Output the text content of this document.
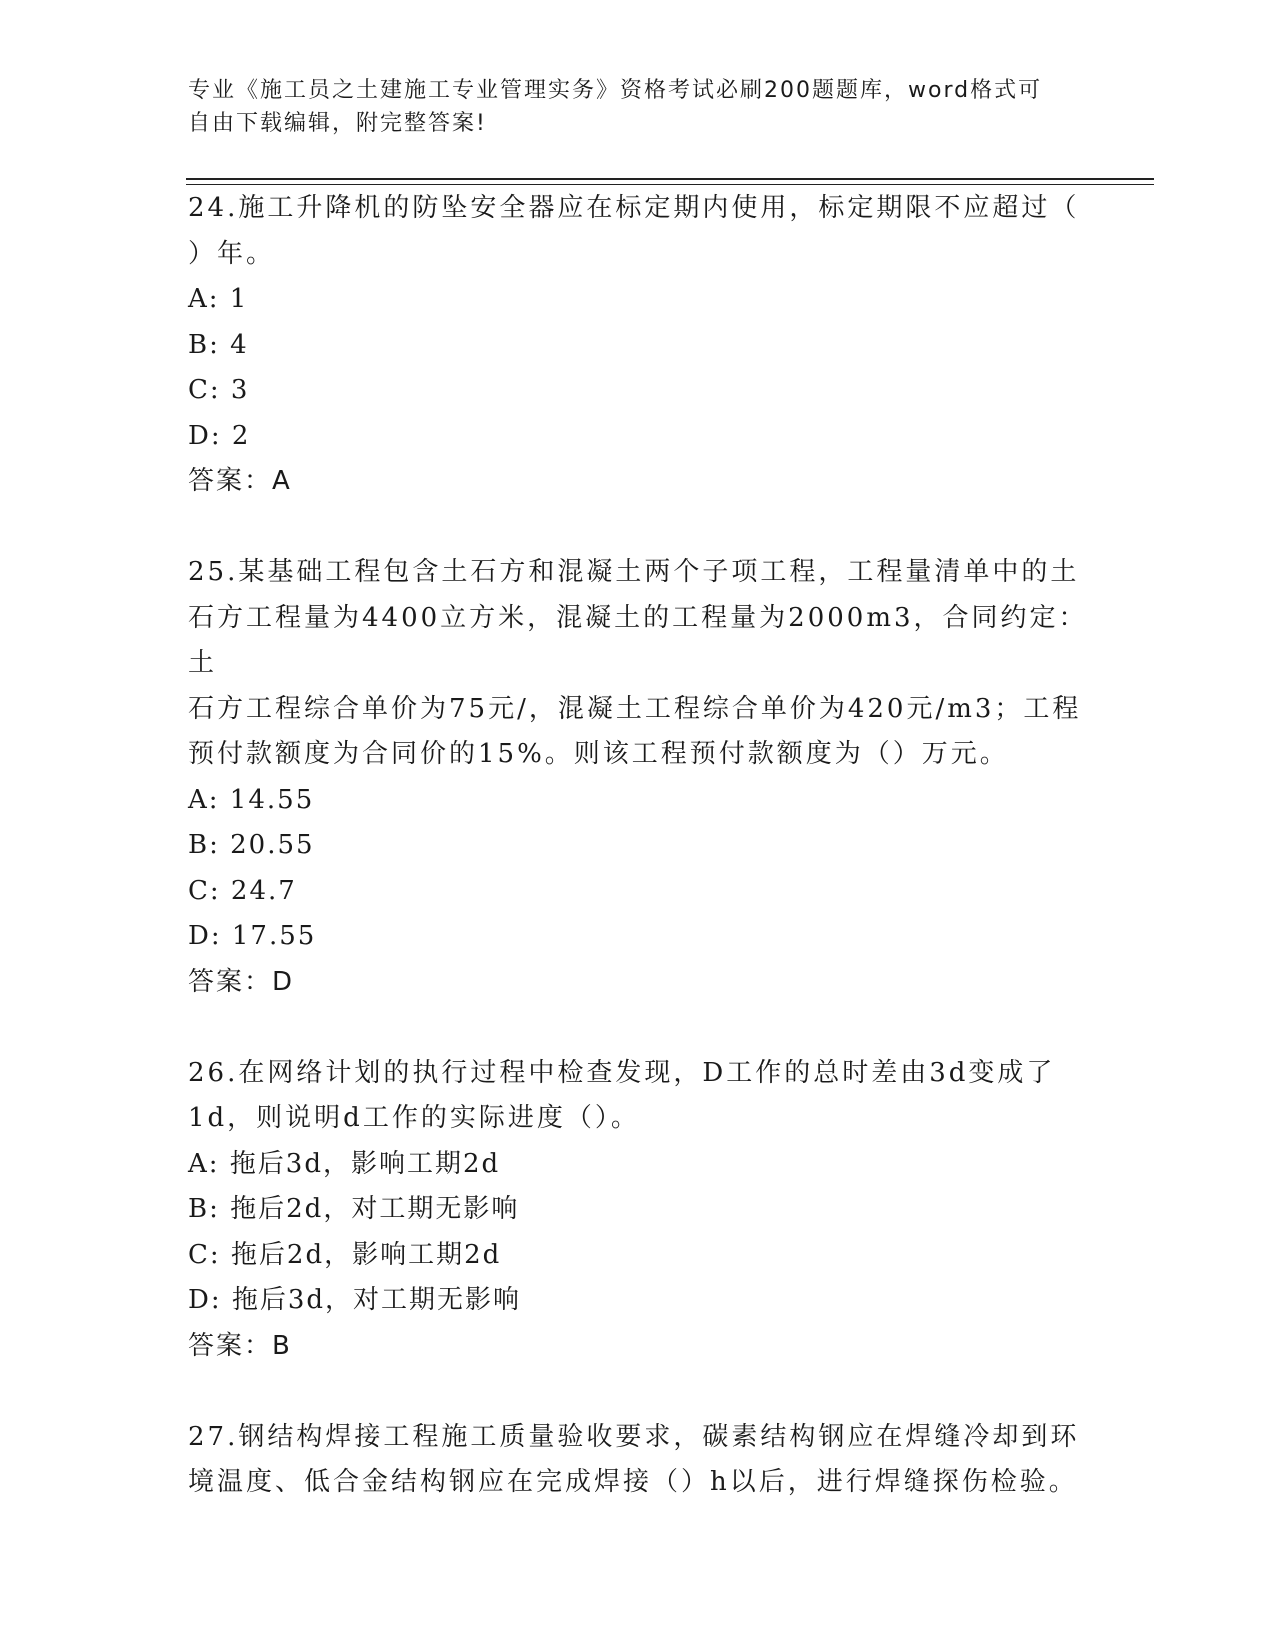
专业《施工员之土建施工专业管理实务》资格考试必刷200题题库，word格式可
自由下载编辑，附完整答案!
24.施工升降机的防坠安全器应在标定期内使用，标定期限不应超过（
）年。
A: 1
B: 4
C: 3
D: 2
答案：A
25.某基础工程包含土石方和混凝土两个子项工程，工程量清单中的土
石方工程量为4400立方米，混凝土的工程量为2000m3，合同约定：土
石方工程综合单价为75元/，混凝土工程综合单价为420元/m3；工程
预付款额度为合同价的15%。则该工程预付款额度为（）万元。
A: 14.55
B: 20.55
C: 24.7
D: 17.55
答案：D
26.在网络计划的执行过程中检查发现，D工作的总时差由3d变成了
1d，则说明d工作的实际进度（）。
A: 拖后3d，影响工期2d
B: 拖后2d，对工期无影响
C: 拖后2d，影响工期2d
D: 拖后3d，对工期无影响
答案：B
27.钢结构焊接工程施工质量验收要求，碳素结构钢应在焊缝冷却到环
境温度、低合金结构钢应在完成焊接（）h以后，进行焊缝探伤检验。
